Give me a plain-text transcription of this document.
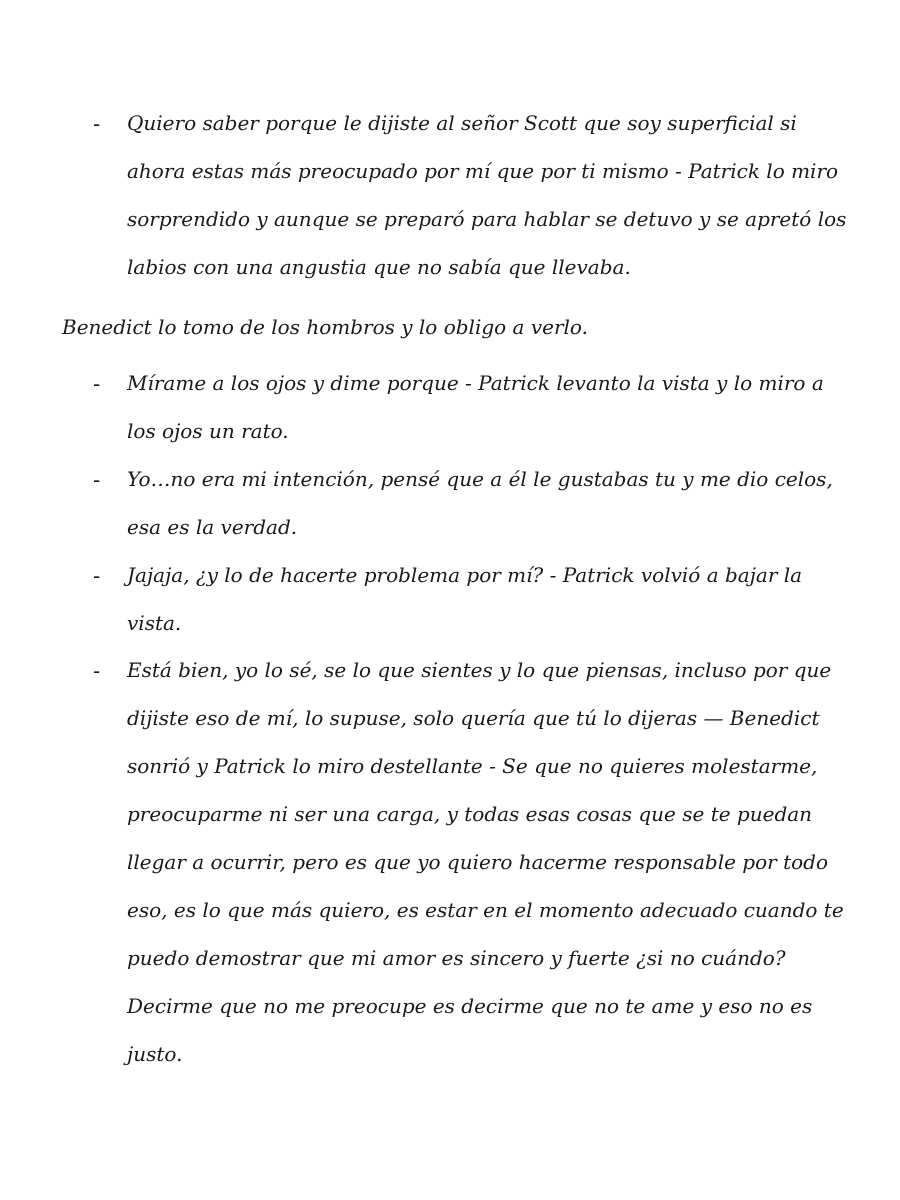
- Quiero saber porque le dijiste al señor Scott que soy superficial si ahora estas más preocupado por mí que por ti mismo - Patrick lo miro sorprendido y aunque se preparó para hablar se detuvo y se apretó los labios con una angustia que no sabía que llevaba.

Benedict lo tomo de los hombros y lo obligo a verlo.

- Mírame a los ojos y dime porque - Patrick levanto la vista y lo miro a los ojos un rato.

- Yo…no era mi intención, pensé que a él le gustabas tu y me dio celos, esa es la verdad.

- Jajaja, ¿y lo de hacerte problema por mí? - Patrick volvió a bajar la vista.

- Está bien, yo lo sé, se lo que sientes y lo que piensas, incluso por que dijiste eso de mí, lo supuse, solo quería que tú lo dijeras — Benedict sonrió y Patrick lo miro destellante - Se que no quieres molestarme, preocuparme ni ser una carga, y todas esas cosas que se te puedan llegar a ocurrir, pero es que yo quiero hacerme responsable por todo eso, es lo que más quiero, es estar en el momento adecuado cuando te puedo demostrar que mi amor es sincero y fuerte ¿si no cuándo? Decirme que no me preocupe es decirme que no te ame y eso no es justo.
